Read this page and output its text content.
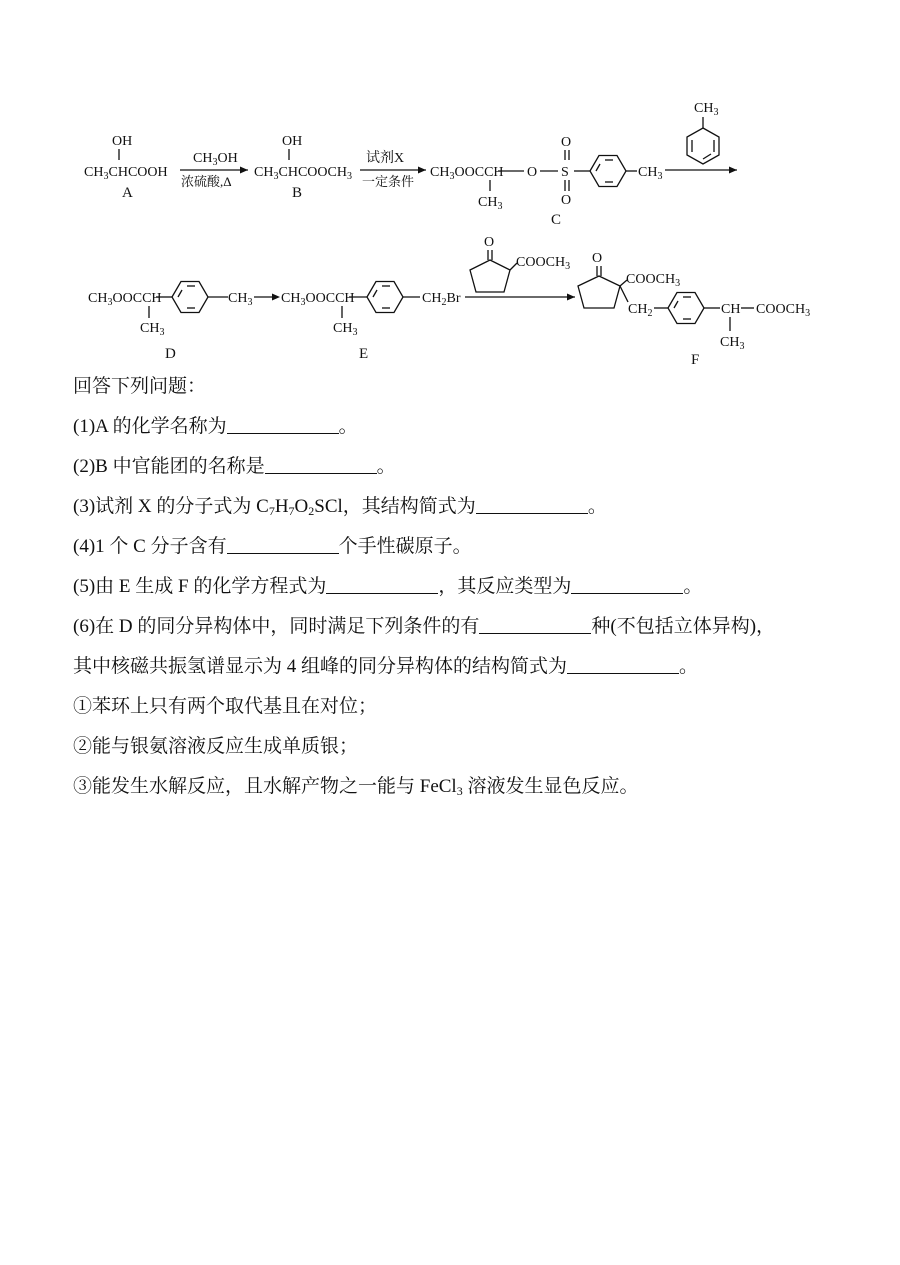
OH
$CH_3CHCOOH$
A
$CH_3OH$
浓硫酸,Δ
OH
$CH_3CHCOOCH_3$
B
试剂X
一定条件
$CH_3OOCCH$ O S
O
O
$CH_3$
$CH_3$
C
$CH_3$
$CH_3OOCCH$
$CH_3$
$CH_3$
D
$CH_3OOCCH$
$CH_3$
$CH_2Br$
E
O
$COOCH_3$
O
$COOCH_3$
$CH_2$	CH $COOCH_3$
$CH_3$
F
回答下列问题：
(1)A 的化学名称为	。
(2)B 中官能团的名称是	。
(3)试剂 X 的分子式为 $C_7H_7O_2SCl$，其结构简式为	。
(4)1 个 C 分子含有	个手性碳原子。
(5)由 E 生成 F 的化学方程式为	，其反应类型为	。
(6)在 D 的同分异构体中，同时满足下列条件的有	种(不包括立体异构)，
其中核磁共振氢谱显示为 4 组峰的同分异构体的结构简式为	。
①苯环上只有两个取代基且在对位；
②能与银氨溶液反应生成单质银；
③能发生水解反应，且水解产物之一能与 FeCl$_3$ 溶液发生显色反应。
